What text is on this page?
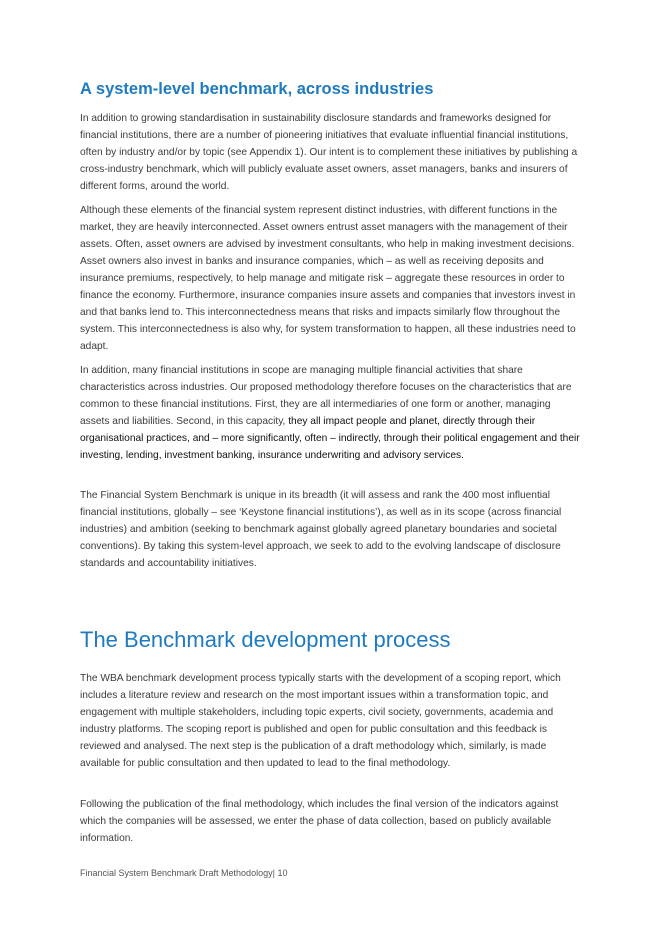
A system-level benchmark, across industries

In addition to growing standardisation in sustainability disclosure standards and frameworks designed for financial institutions, there are a number of pioneering initiatives that evaluate influential financial institutions, often by industry and/or by topic (see Appendix 1). Our intent is to complement these initiatives by publishing a cross-industry benchmark, which will publicly evaluate asset owners, asset managers, banks and insurers of different forms, around the world.

Although these elements of the financial system represent distinct industries, with different functions in the market, they are heavily interconnected. Asset owners entrust asset managers with the management of their assets. Often, asset owners are advised by investment consultants, who help in making investment decisions. Asset owners also invest in banks and insurance companies, which – as well as receiving deposits and insurance premiums, respectively, to help manage and mitigate risk – aggregate these resources in order to finance the economy. Furthermore, insurance companies insure assets and companies that investors invest in and that banks lend to. This interconnectedness means that risks and impacts similarly flow throughout the system. This interconnectedness is also why, for system transformation to happen, all these industries need to adapt.

In addition, many financial institutions in scope are managing multiple financial activities that share characteristics across industries. Our proposed methodology therefore focuses on the characteristics that are common to these financial institutions. First, they are all intermediaries of one form or another, managing assets and liabilities. Second, in this capacity, they all impact people and planet, directly through their organisational practices, and – more significantly, often – indirectly, through their political engagement and their investing, lending, investment banking, insurance underwriting and advisory services.

The Financial System Benchmark is unique in its breadth (it will assess and rank the 400 most influential financial institutions, globally – see ‘Keystone financial institutions’), as well as in its scope (across financial industries) and ambition (seeking to benchmark against globally agreed planetary boundaries and societal conventions). By taking this system-level approach, we seek to add to the evolving landscape of disclosure standards and accountability initiatives.

The Benchmark development process

The WBA benchmark development process typically starts with the development of a scoping report, which includes a literature review and research on the most important issues within a transformation topic, and engagement with multiple stakeholders, including topic experts, civil society, governments, academia and industry platforms. The scoping report is published and open for public consultation and this feedback is reviewed and analysed. The next step is the publication of a draft methodology which, similarly, is made available for public consultation and then updated to lead to the final methodology.

Following the publication of the final methodology, which includes the final version of the indicators against which the companies will be assessed, we enter the phase of data collection, based on publicly available information.

Financial System Benchmark Draft Methodology| 10
